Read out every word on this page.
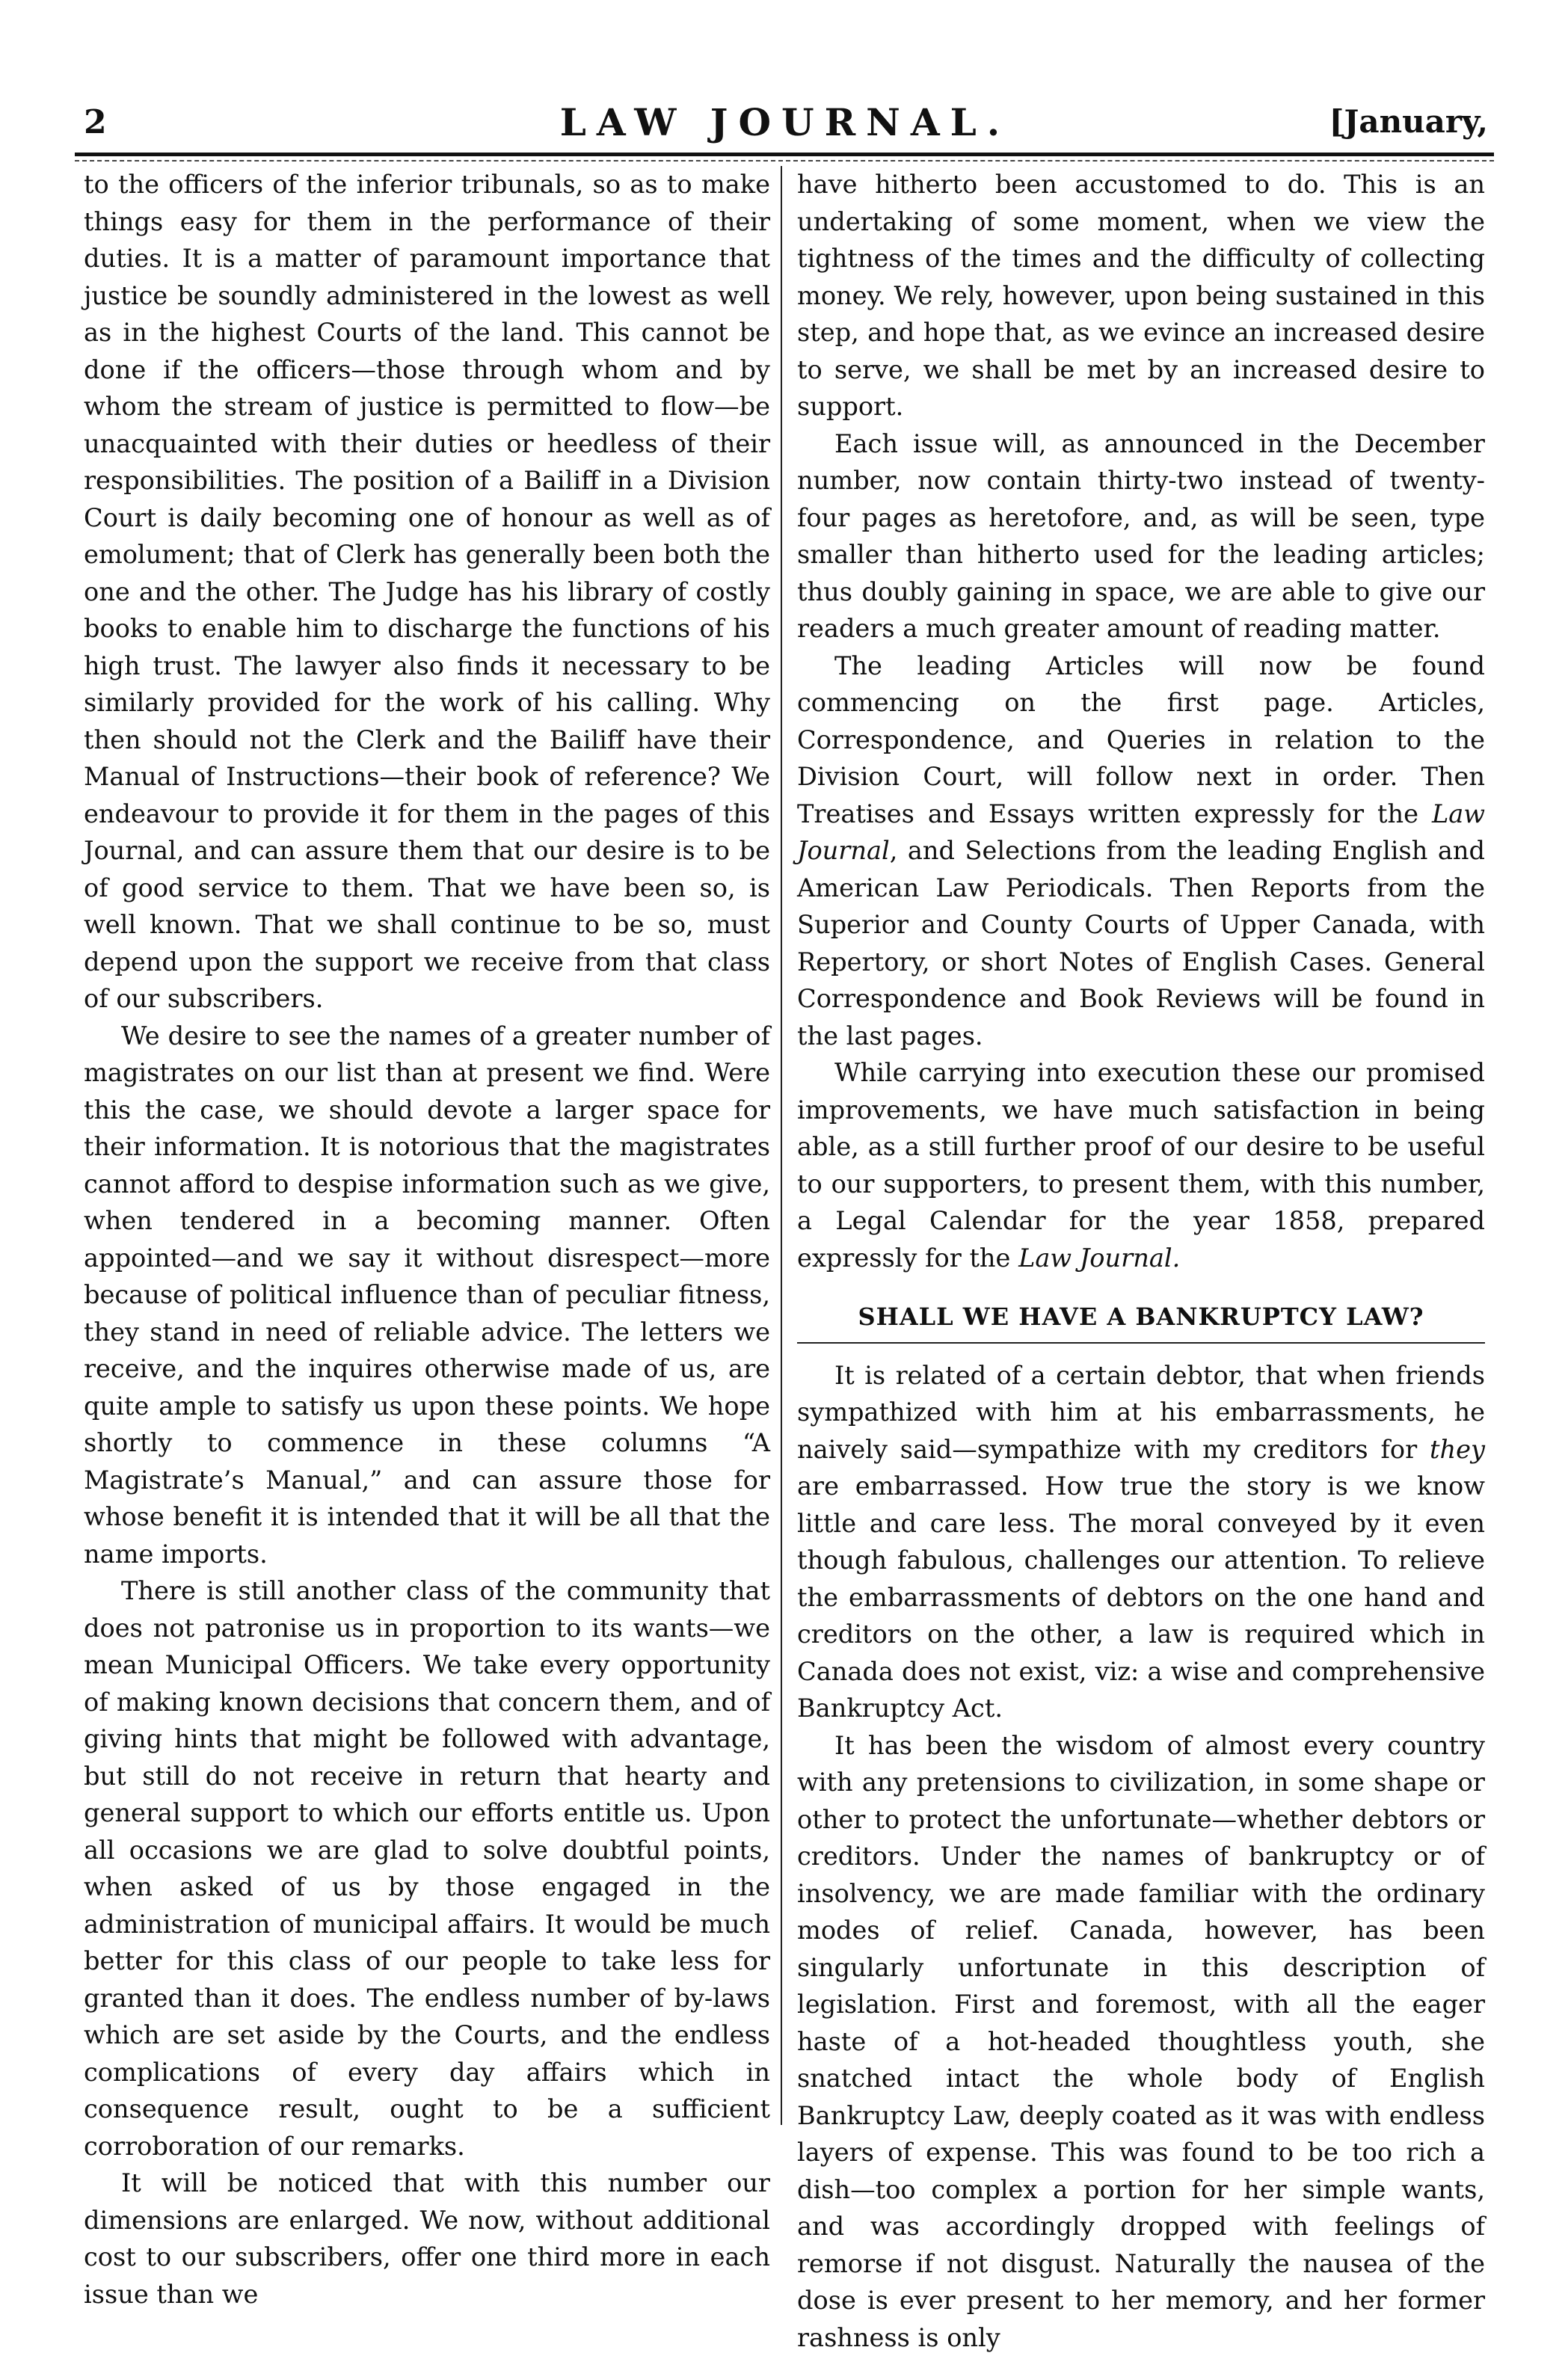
2	LAW JOURNAL.	[January,

to the officers of the inferior tribunals, so as to make things easy for them in the performance of their duties. It is a matter of paramount importance that justice be soundly administered in the lowest as well as in the highest Courts of the land. This cannot be done if the officers—those through whom and by whom the stream of justice is permitted to flow—be unacquainted with their duties or heedless of their responsibilities. The position of a Bailiff in a Division Court is daily becoming one of honour as well as of emolument; that of Clerk has generally been both the one and the other. The Judge has his library of costly books to enable him to discharge the functions of his high trust. The lawyer also finds it necessary to be similarly provided for the work of his calling. Why then should not the Clerk and the Bailiff have their Manual of Instructions—their book of reference? We endeavour to provide it for them in the pages of this Journal, and can assure them that our desire is to be of good service to them. That we have been so, is well known. That we shall continue to be so, must depend upon the support we receive from that class of our subscribers.

We desire to see the names of a greater number of magistrates on our list than at present we find. Were this the case, we should devote a larger space for their information. It is notorious that the magistrates cannot afford to despise information such as we give, when tendered in a becoming manner. Often appointed—and we say it without disrespect—more because of political influence than of peculiar fitness, they stand in need of reliable advice. The letters we receive, and the inquires otherwise made of us, are quite ample to satisfy us upon these points. We hope shortly to commence in these columns “A Magistrate’s Manual,” and can assure those for whose benefit it is intended that it will be all that the name imports.

There is still another class of the community that does not patronise us in proportion to its wants—we mean Municipal Officers. We take every opportunity of making known decisions that concern them, and of giving hints that might be followed with advantage, but still do not receive in return that hearty and general support to which our efforts entitle us. Upon all occasions we are glad to solve doubtful points, when asked of us by those engaged in the administration of municipal affairs. It would be much better for this class of our people to take less for granted than it does. The endless number of by-laws which are set aside by the Courts, and the endless complications of every day affairs which in consequence result, ought to be a sufficient corroboration of our remarks.

It will be noticed that with this number our dimensions are enlarged. We now, without additional cost to our subscribers, offer one third more in each issue than we

have hitherto been accustomed to do. This is an undertaking of some moment, when we view the tightness of the times and the difficulty of collecting money. We rely, however, upon being sustained in this step, and hope that, as we evince an increased desire to serve, we shall be met by an increased desire to support.

Each issue will, as announced in the December number, now contain thirty-two instead of twenty-four pages as heretofore, and, as will be seen, type smaller than hitherto used for the leading articles; thus doubly gaining in space, we are able to give our readers a much greater amount of reading matter.

The leading Articles will now be found commencing on the first page. Articles, Correspondence, and Queries in relation to the Division Court, will follow next in order. Then Treatises and Essays written expressly for the Law Journal, and Selections from the leading English and American Law Periodicals. Then Reports from the Superior and County Courts of Upper Canada, with Repertory, or short Notes of English Cases. General Correspondence and Book Reviews will be found in the last pages.

While carrying into execution these our promised improvements, we have much satisfaction in being able, as a still further proof of our desire to be useful to our supporters, to present them, with this number, a Legal Calendar for the year 1858, prepared expressly for the Law Journal.

SHALL WE HAVE A BANKRUPTCY LAW?

It is related of a certain debtor, that when friends sympathized with him at his embarrassments, he naively said—sympathize with my creditors for they are embarrassed. How true the story is we know little and care less. The moral conveyed by it even though fabulous, challenges our attention. To relieve the embarrassments of debtors on the one hand and creditors on the other, a law is required which in Canada does not exist, viz: a wise and comprehensive Bankruptcy Act.

It has been the wisdom of almost every country with any pretensions to civilization, in some shape or other to protect the unfortunate—whether debtors or creditors. Under the names of bankruptcy or of insolvency, we are made familiar with the ordinary modes of relief. Canada, however, has been singularly unfortunate in this description of legislation. First and foremost, with all the eager haste of a hot-headed thoughtless youth, she snatched intact the whole body of English Bankruptcy Law, deeply coated as it was with endless layers of expense. This was found to be too rich a dish—too complex a portion for her simple wants, and was accordingly dropped with feelings of remorse if not disgust. Naturally the nausea of the dose is ever present to her memory, and her former rashness is only
